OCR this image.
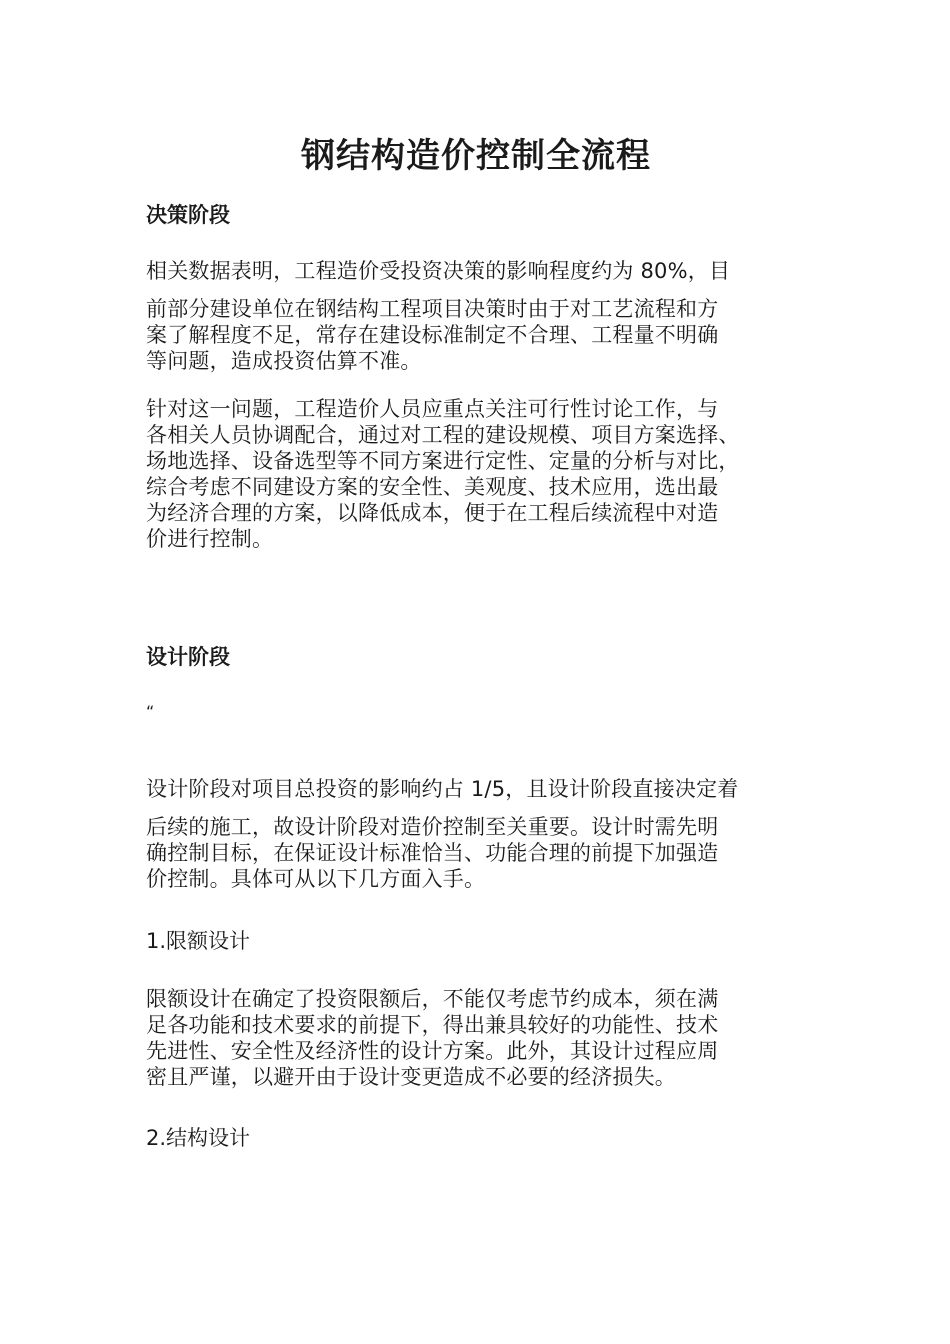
钢结构造价控制全流程
决策阶段

相关数据表明，工程造价受投资决策的影响程度约为 80%，目

前部分建设单位在钢结构工程项目决策时由于对工艺流程和方
案了解程度不足，常存在建设标准制定不合理、工程量不明确
等问题，造成投资估算不准。

针对这一问题，工程造价人员应重点关注可行性讨论工作，与
各相关人员协调配合，通过对工程的建设规模、项目方案选择、
场地选择、设备选型等不同方案进行定性、定量的分析与对比，
综合考虑不同建设方案的安全性、美观度、技术应用，选出最
为经济合理的方案，以降低成本，便于在工程后续流程中对造
价进行控制。

设计阶段

“

设计阶段对项目总投资的影响约占 1/5，且设计阶段直接决定着

后续的施工，故设计阶段对造价控制至关重要。设计时需先明
确控制目标，在保证设计标准恰当、功能合理的前提下加强造
价控制。具体可从以下几方面入手。

1.限额设计

限额设计在确定了投资限额后，不能仅考虑节约成本，须在满
足各功能和技术要求的前提下，得出兼具较好的功能性、技术
先进性、安全性及经济性的设计方案。此外，其设计过程应周
密且严谨，以避开由于设计变更造成不必要的经济损失。

2.结构设计
